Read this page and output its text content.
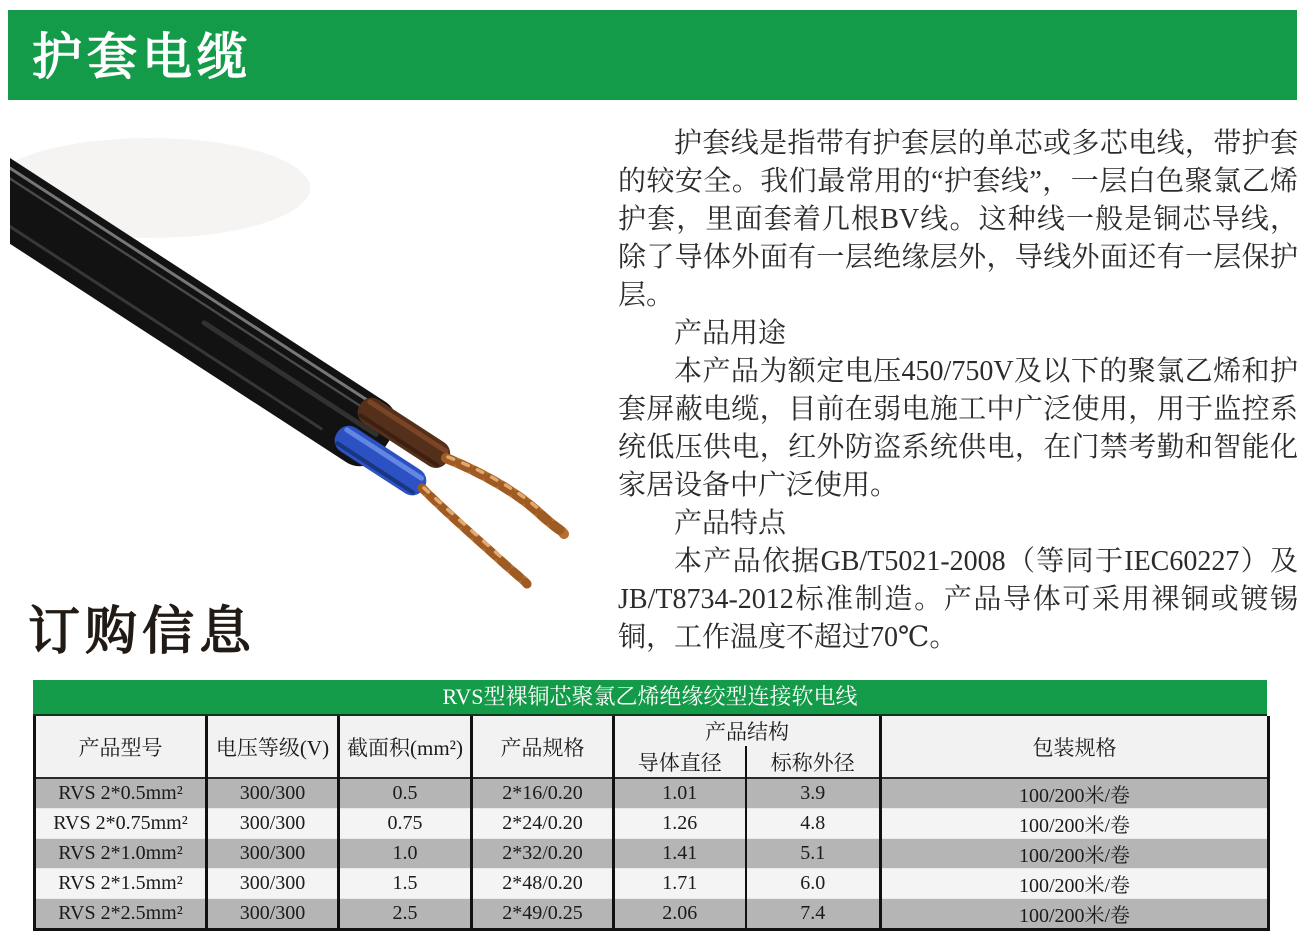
护套电缆

护套线是指带有护套层的单芯或多芯电线，带护套的较安全。我们最常用的“护套线”，一层白色聚氯乙烯护套，里面套着几根BV线。这种线一般是铜芯导线，除了导体外面有一层绝缘层外，导线外面还有一层保护层。

产品用途

本产品为额定电压450/750V及以下的聚氯乙烯和护套屏蔽电缆，目前在弱电施工中广泛使用，用于监控系统低压供电，红外防盗系统供电，在门禁考勤和智能化家居设备中广泛使用。

产品特点

本产品依据GB/T5021-2008（等同于IEC60227）及JB/T8734-2012标准制造。产品导体可采用裸铜或镀锡铜，工作温度不超过70℃。

订购信息
RVS型裸铜芯聚氯乙烯绝缘绞型连接软电线
产品型号	电压等级(V)	截面积(mm²)	产品规格	产品结构		包装规格
				导体直径	标称外径	
RVS 2*0.5mm²	300/300	0.5	2*16/0.20	1.01	3.9	100/200米/卷
RVS 2*0.75mm²	300/300	0.75	2*24/0.20	1.26	4.8	100/200米/卷
RVS 2*1.0mm²	300/300	1.0	2*32/0.20	1.41	5.1	100/200米/卷
RVS 2*1.5mm²	300/300	1.5	2*48/0.20	1.71	6.0	100/200米/卷
RVS 2*2.5mm²	300/300	2.5	2*49/0.25	2.06	7.4	100/200米/卷
